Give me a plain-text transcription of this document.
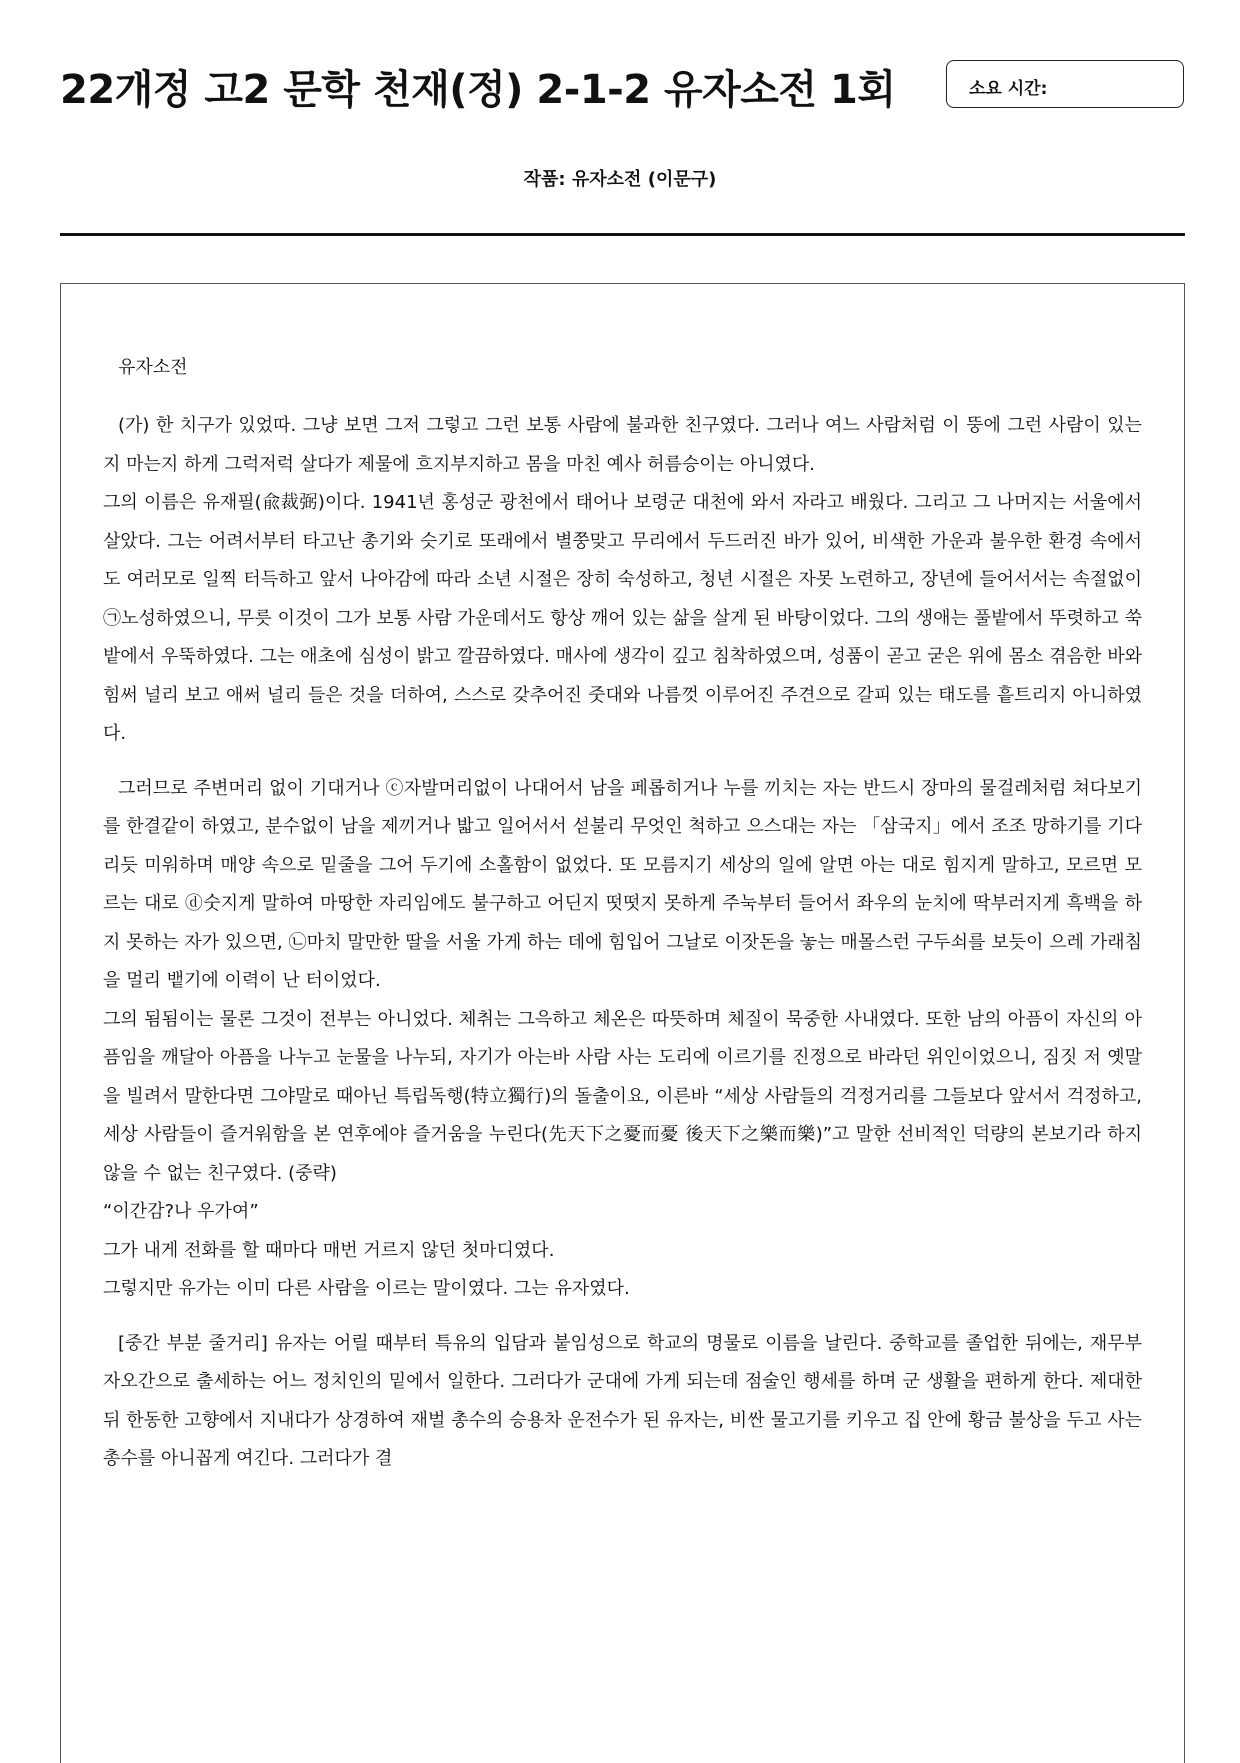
22개정 고2 문학 천재(정) 2-1-2 유자소전 1회	소요 시간:
작품: 유자소전 (이문구)
유자소전

(가) 한 치구가 있었따. 그냥 보면 그저 그렇고 그런 보통 사람에 불과한 친구였다. 그러나 여느 사람처럼 이 뚱에 그런 사람이 있는지 마는지 하게 그럭저럭 살다가 제물에 흐지부지하고 몸을 마친 예사 허름승이는 아니였다.

그의 이름은 유재필(兪裁弼)이다. 1941년 홍성군 광천에서 태어나 보령군 대천에 와서 자라고 배웠다. 그리고 그 나머지는 서울에서 살았다. 그는 어려서부터 타고난 총기와 슷기로 또래에서 별쭝맞고 무리에서 두드러진 바가 있어, 비색한 가운과 불우한 환경 속에서도 여러모로 일찍 터득하고 앞서 나아감에 따라 소년 시절은 장히 숙성하고, 청년 시절은 자못 노련하고, 장년에 들어서서는 속절없이 ㉠노성하였으니, 무릇 이것이 그가 보통 사람 가운데서도 항상 깨어 있는 삶을 살게 된 바탕이었다. 그의 생애는 풀밭에서 뚜렷하고 쑥밭에서 우뚝하였다. 그는 애초에 심성이 밝고 깔끔하였다. 매사에 생각이 깊고 침착하였으며, 성품이 곧고 굳은 위에 몸소 겪음한 바와 힘써 널리 보고 애써 널리 들은 것을 더하여, 스스로 갖추어진 줏대와 나름껏 이루어진 주견으로 갈피 있는 태도를 흩트리지 아니하였다.

그러므로 주변머리 없이 기대거나 ⓒ자발머리없이 나대어서 남을 페롭히거나 누를 끼치는 자는 반드시 장마의 물걸레처럼 쳐다보기를 한결같이 하였고, 분수없이 남을 제끼거나 밟고 일어서서 섣불리 무엇인 척하고 으스대는 자는 「삼국지」에서 조조 망하기를 기다리듯 미워하며 매양 속으로 밑줄을 그어 두기에 소홀함이 없었다. 또 모름지기 세상의 일에 알면 아는 대로 힘지게 말하고, 모르면 모르는 대로 ⓓ숫지게 말하여 마땅한 자리임에도 불구하고 어딘지 떳떳지 못하게 주눅부터 들어서 좌우의 눈치에 딱부러지게 흑백을 하지 못하는 자가 있으면, ㉡마치 말만한 딸을 서울 가게 하는 데에 힘입어 그날로 이잣돈을 놓는 매몰스런 구두쇠를 보듯이 으레 가래침을 멀리 뱉기에 이력이 난 터이었다.

그의 됨됨이는 물론 그것이 전부는 아니었다. 체취는 그윽하고 체온은 따뜻하며 체질이 묵중한 사내였다. 또한 남의 아픔이 자신의 아픔임을 깨달아 아픔을 나누고 눈물을 나누되, 자기가 아는바 사람 사는 도리에 이르기를 진정으로 바라던 위인이었으니, 짐짓 저 옛말을 빌려서 말한다면 그야말로 때아닌 특립독행(特立獨行)의 돌출이요, 이른바 “세상 사람들의 걱정거리를 그들보다 앞서서 걱정하고, 세상 사람들이 즐거워함을 본 연후에야 즐거움을 누린다(先天下之憂而憂 後天下之樂而樂)”고 말한 선비적인 덕량의 본보기라 하지 않을 수 없는 친구였다. (중략)

“이간감?나 우가여”

그가 내게 전화를 할 때마다 매번 거르지 않던 첫마디였다.

그렇지만 유가는 이미 다른 사람을 이르는 말이였다. 그는 유자였다.

[중간 부분 줄거리] 유자는 어릴 때부터 특유의 입담과 붙임성으로 학교의 명물로 이름을 날린다. 중학교를 졸업한 뒤에는, 재무부 자오간으로 출세하는 어느 정치인의 밑에서 일한다. 그러다가 군대에 가게 되는데 점술인 행세를 하며 군 생활을 편하게 한다. 제대한 뒤 한동한 고향에서 지내다가 상경하여 재벌 총수의 승용차 운전수가 된 유자는, 비싼 물고기를 키우고 집 안에 황금 불상을 두고 사는 총수를 아니꼽게 여긴다. 그러다가 결
